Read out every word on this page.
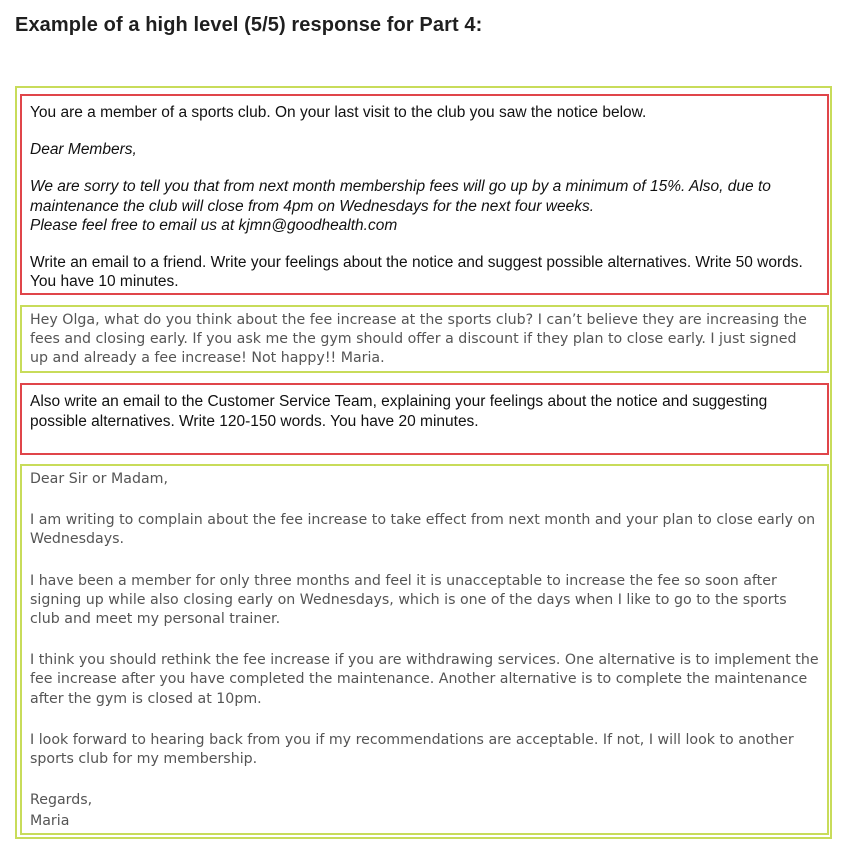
Example of a high level (5/5) response for Part 4:

You are a member of a sports club. On your last visit to the club you saw the notice below.

Dear Members,

We are sorry to tell you that from next month membership fees will go up by a minimum of 15%. Also, due to maintenance the club will close from 4pm on Wednesdays for the next four weeks.

Please feel free to email us at kjmn@goodhealth.com

Write an email to a friend. Write your feelings about the notice and suggest possible alternatives. Write 50 words. You have 10 minutes.

Hey Olga, what do you think about the fee increase at the sports club? I can’t believe they are increasing the fees and closing early. If you ask me the gym should offer a discount if they plan to close early. I just signed up and already a fee increase! Not happy!! Maria.

Also write an email to the Customer Service Team, explaining your feelings about the notice and suggesting possible alternatives. Write 120-150 words. You have 20 minutes.

Dear Sir or Madam,

I am writing to complain about the fee increase to take effect from next month and your plan to close early on Wednesdays.

I have been a member for only three months and feel it is unacceptable to increase the fee so soon after signing up while also closing early on Wednesdays, which is one of the days when I like to go to the sports club and meet my personal trainer.

I think you should rethink the fee increase if you are withdrawing services. One alternative is to implement the fee increase after you have completed the maintenance. Another alternative is to complete the maintenance after the gym is closed at 10pm.

I look forward to hearing back from you if my recommendations are acceptable. If not, I will look to another sports club for my membership.

Regards,

Maria
